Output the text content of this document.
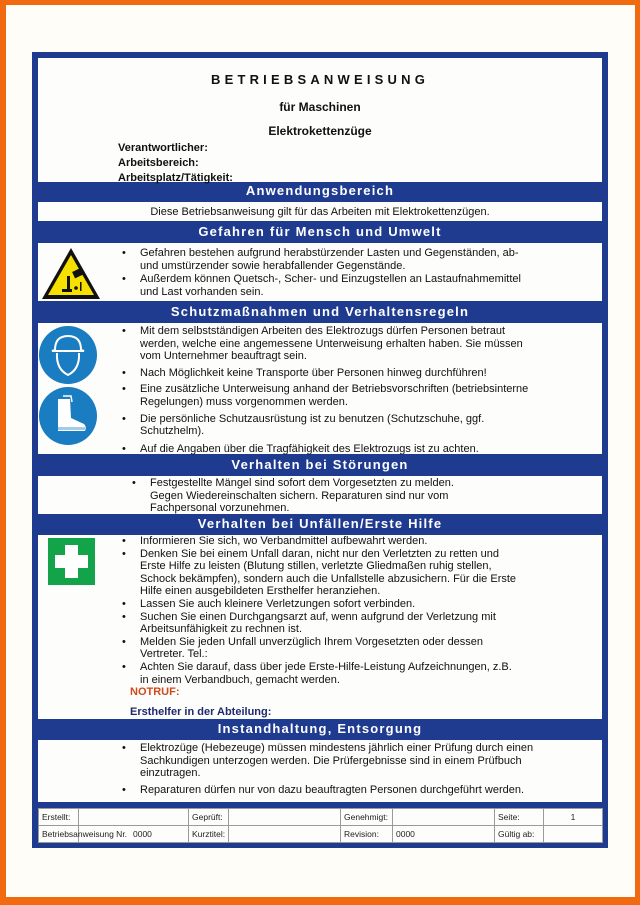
BETRIEBSANWEISUNG
für Maschinen
Elektrokettenzüge
Verantwortlicher:
Arbeitsbereich:
Arbeitsplatz/Tätigkeit:
Anwendungsbereich
Diese Betriebsanweisung gilt für das Arbeiten mit Elektrokettenzügen.
Gefahren für Mensch und Umwelt
• Gefahren bestehen aufgrund herabstürzender Lasten und Gegenständen, ab- und umstürzender sowie herabfallender Gegenstände.
• Außerdem können Quetsch-, Scher- und Einzugstellen an Lastaufnahmemittel und Last vorhanden sein.
Schutzmaßnahmen und Verhaltensregeln
• Mit dem selbstständigen Arbeiten des Elektrozugs dürfen Personen betraut werden, welche eine angemessene Unterweisung erhalten haben. Sie müssen vom Unternehmer beauftragt sein.
• Nach Möglichkeit keine Transporte über Personen hinweg durchführen!
• Eine zusätzliche Unterweisung anhand der Betriebsvorschriften (betriebsinterne Regelungen) muss vorgenommen werden.
• Die persönliche Schutzausrüstung ist zu benutzen (Schutzschuhe, ggf. Schutzhelm).
• Auf die Angaben über die Tragfähigkeit des Elektrozugs ist zu achten.
Verhalten bei Störungen
• Festgestellte Mängel sind sofort dem Vorgesetzten zu melden. Gegen Wiedereinschalten sichern. Reparaturen sind nur vom Fachpersonal vorzunehmen.
Verhalten bei Unfällen/Erste Hilfe
• Informieren Sie sich, wo Verbandmittel aufbewahrt werden.
• Denken Sie bei einem Unfall daran, nicht nur den Verletzten zu retten und Erste Hilfe zu leisten (Blutung stillen, verletzte Gliedmaßen ruhig stellen, Schock bekämpfen), sondern auch die Unfallstelle abzusichern. Für die Erste Hilfe einen ausgebildeten Ersthelfer heranziehen.
• Lassen Sie auch kleinere Verletzungen sofort verbinden.
• Suchen Sie einen Durchgangsarzt auf, wenn aufgrund der Verletzung mit Arbeitsunfähigkeit zu rechnen ist.
• Melden Sie jeden Unfall unverzüglich Ihrem Vorgesetzten oder dessen Vertreter. Tel.:
• Achten Sie darauf, dass über jede Erste-Hilfe-Leistung Aufzeichnungen, z.B. in einem Verbandbuch, gemacht werden.
NOTRUF:
Ersthelfer in der Abteilung:
Instandhaltung, Entsorgung
• Elektrozüge (Hebezeuge) müssen mindestens jährlich einer Prüfung durch einen Sachkundigen unterzogen werden. Die Prüfergebnisse sind in einem Prüfbuch einzutragen.
• Reparaturen dürfen nur von dazu beauftragten Personen durchgeführt werden.
Erstellt:		Geprüft:		Genehmigt:		Seite:	1
Betriebsanweisung Nr.	0000	Kurztitel:		Revision:	0000	Gültig ab:	
